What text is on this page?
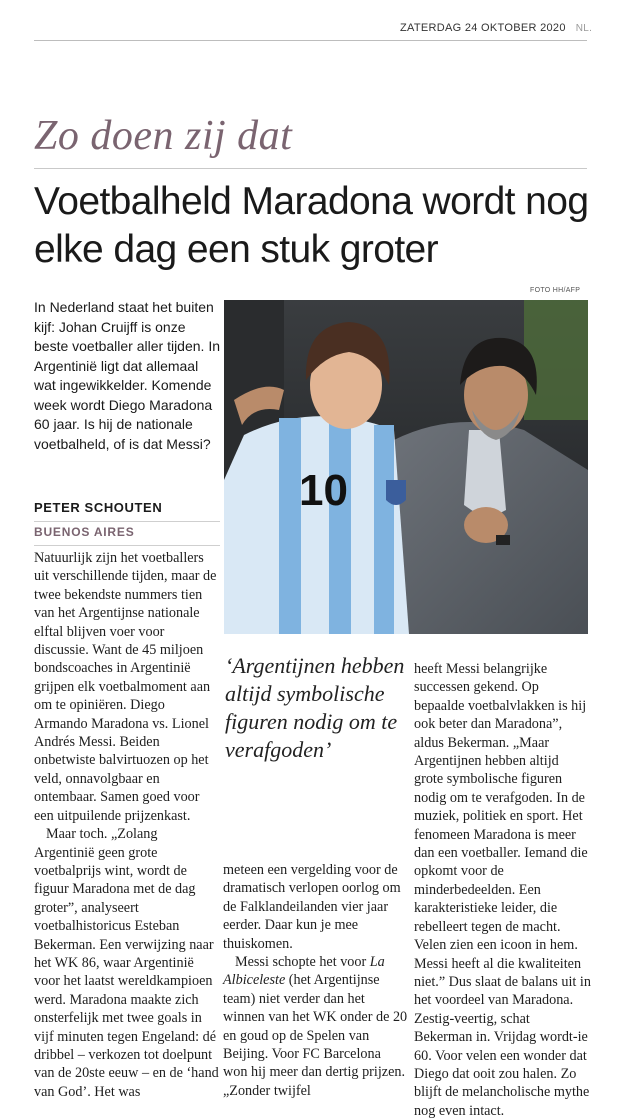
ZATERDAG 24 OKTOBER 2020 NL.
Zo doen zij dat
Voetbalheld Maradona wordt nog elke dag een stuk groter
FOTO HH/AFP
10
In Nederland staat het buiten kijf: Johan Cruijff is onze beste voetballer aller tijden. In Argentinië ligt dat allemaal wat ingewikkelder. Komende week wordt Diego Maradona 60 jaar. Is hij de nationale voetbalheld, of is dat Messi?
PETER SCHOUTEN
BUENOS AIRES

Natuurlijk zijn het voetballers uit verschillende tijden, maar de twee bekendste nummers tien van het Argentijnse nationale elftal blijven voer voor discussie. Want de 45 miljoen bondscoaches in Argentinië grijpen elk voetbalmoment aan om te opiniëren. Diego Armando Maradona vs. Lionel Andrés Messi. Beiden onbetwiste balvirtuozen op het veld, onnavolgbaar en ontembaar. Samen goed voor een uitpuilende prijzenkast.

Maar toch. „Zolang Argentinië geen grote voetbalprijs wint, wordt de figuur Maradona met de dag groter”, analyseert voetbalhistoricus Esteban Bekerman. Een verwijzing naar het WK 86, waar Argentinië voor het laatst wereldkampioen werd. Maradona maakte zich onsterfelijk met twee goals in vijf minuten tegen Engeland: dé dribbel – verkozen tot doelpunt van de 20ste eeuw – en de ‘hand van God’. Het was

‘Argentijnen hebben altijd symbolische figuren nodig om te verafgoden’

meteen een vergelding voor de dramatisch verlopen oorlog om de Falklandeilanden vier jaar eerder. Daar kun je mee thuiskomen.

Messi schopte het voor La Albiceleste (het Argentijnse team) niet verder dan het winnen van het WK onder de 20 en goud op de Spelen van Beijing. Voor FC Barcelona won hij meer dan dertig prijzen. „Zonder twijfel

heeft Messi belangrijke successen gekend. Op bepaalde voetbalvlakken is hij ook beter dan Maradona”, aldus Bekerman. „Maar Argentijnen hebben altijd grote symbolische figuren nodig om te verafgoden. In de muziek, politiek en sport. Het fenomeen Maradona is meer dan een voetballer. Iemand die opkomt voor de minderbedeelden. Een karakteristieke leider, die rebelleert tegen de macht. Velen zien een icoon in hem. Messi heeft al die kwaliteiten niet.” Dus slaat de balans uit in het voordeel van Maradona. Zestig-veertig, schat Bekerman in. Vrijdag wordt-ie 60. Voor velen een wonder dat Diego dat ooit zou halen. Zo blijft de melancholische mythe nog even intact.
